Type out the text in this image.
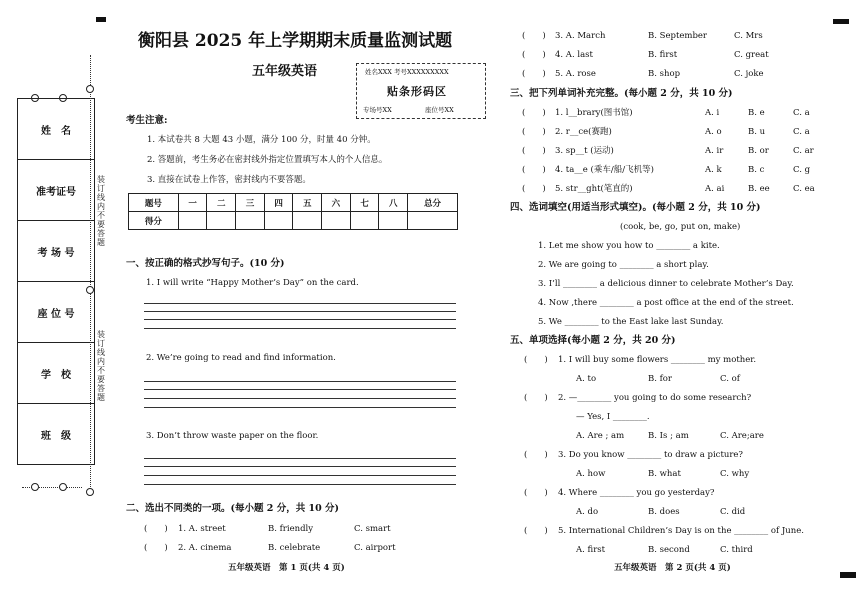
姓　名
准考证号
考 场 号
座 位 号
学　校
班　级
装订线内不要答题
装订线内不要答题
衡阳县 2025 年上学期期末质量监测试题
五年级英语	姓名XXX 考号XXXXXXXXX
贴条形码区
专场号XX	座位号XX
考生注意:
1. 本试卷共 8 大题 43 小题，满分 100 分，时量 40 分钟。
2. 答题前，考生务必在密封线外指定位置填写本人的个人信息。
3. 直接在试卷上作答，密封线内不要答题。
题号	一	二	三	四	五	六	七	八	总分
得分									
一、按正确的格式抄写句子。(10 分)
1. I will write “Happy Mother’s Day” on the card.
2. We’re going to read and find information.
3. Don’t throw waste paper on the floor.
二、选出不同类的一项。(每小题 2 分，共 10 分)
(　　) 1. A. street	B. friendly	C. smart
(　　) 2. A. cinema	B. celebrate	C. airport
五年级英语　第 1 页(共 4 页)
(　　) 3. A. March	B. September	C. Mrs
(　　) 4. A. last	B. first	C. great
(　　) 5. A. rose	B. shop	C. joke
三、把下列单词补充完整。(每小题 2 分，共 10 分)
(　　) 1. l__brary(图书馆)	A. i	B. e	C. a
(　　) 2. r__ce(赛跑)	A. o	B. u	C. a
(　　) 3. sp__t (运动)	A. ir	B. or	C. ar
(　　) 4. ta__e (乘车/船/飞机等)	A. k	B. c	C. g
(　　) 5. str__ght(笔直的)	A. ai	B. ee	C. ea
四、选词填空(用适当形式填空)。(每小题 2 分，共 10 分)
(cook, be, go, put on, make)
1. Let me show you how to ________ a kite.
2. We are going to ________ a short play.
3. I’ll ________ a delicious dinner to celebrate Mother’s Day.
4. Now ,there ________ a post office at the end of the street.
5. We ________ to the East lake last Sunday.
五、单项选择(每小题 2 分，共 20 分)
(　　) 1. I will buy some flowers ________ my mother.
A. to	B. for	C. of
(　　) 2. —________ you going to do some research?
— Yes, I ________.
A. Are ; am	B. Is ; am	C. Are;are
(　　) 3. Do you know ________ to draw a picture?
A. how	B. what	C. why
(　　) 4. Where ________ you go yesterday?
A. do	B. does	C. did
(　　) 5. International Children’s Day is on the ________ of June.
A. first	B. second	C. third
五年级英语　第 2 页(共 4 页)
